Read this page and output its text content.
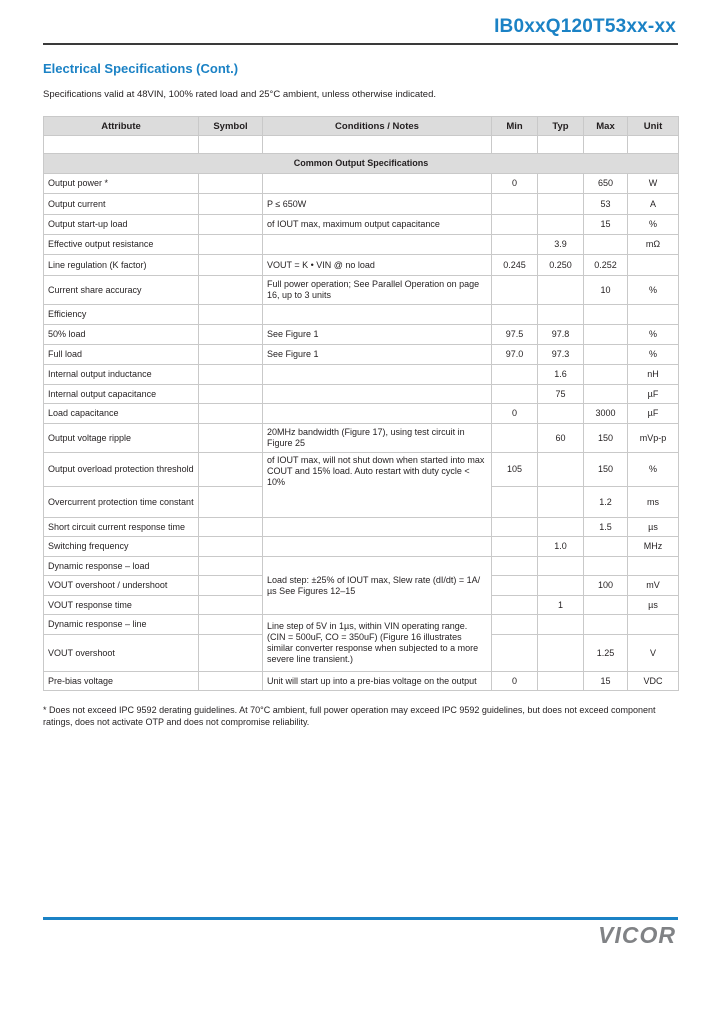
IB0xxQ120T53xx-xx
Electrical Specifications (Cont.)
Specifications valid at 48VIN, 100% rated load and 25°C ambient, unless otherwise indicated.
Attribute	Symbol	Conditions / Notes	Min	Typ	Max	Unit

Common Output Specifications						
Output power *			0		650	W
Output current		P ≤ 650W			53	A
Output start-up load		of IOUT max, maximum output capacitance			15	%
Effective output resistance				3.9		mΩ
Line regulation (K factor)		VOUT = K • VIN @ no load	0.245	0.250	0.252	
Current share accuracy		Full power operation; See Parallel Operation on page 16, up to 3 units			10	%
Efficiency						
50% load		See Figure 1	97.5	97.8		%
Full load		See Figure 1	97.0	97.3		%
Internal output inductance				1.6		nH
Internal output capacitance				75		µF
Load capacitance			0		3000	µF
Output voltage ripple		20MHz bandwidth (Figure 17), using test circuit in Figure 25		60	150	mVp-p
Output overload protection threshold		of IOUT max, will not shut down when started into max COUT and 15% load. Auto restart with duty cycle < 10%	105		150	%
Overcurrent protection time constant					1.2	ms
Short circuit current response time					1.5	µs
Switching frequency				1.0		MHz
Dynamic response – load		Load step: ±25% of IOUT max, Slew rate (dI/dt) = 1A/µs See Figures 12–15				
VOUT overshoot / undershoot					100	mV
VOUT response time				1		µs
Dynamic response – line		Line step of 5V in 1µs, within VIN operating range. (CIN = 500uF, CO = 350uF) (Figure 16 illustrates similar converter response when subjected to a more severe line transient.)				
VOUT overshoot					1.25	V
Pre-bias voltage		Unit will start up into a pre-bias voltage on the output	0		15	VDC
* Does not exceed IPC 9592 derating guidelines. At 70°C ambient, full power operation may exceed IPC 9592 guidelines, but does not exceed component ratings, does not activate OTP and does not compromise reliability.
VICOR
